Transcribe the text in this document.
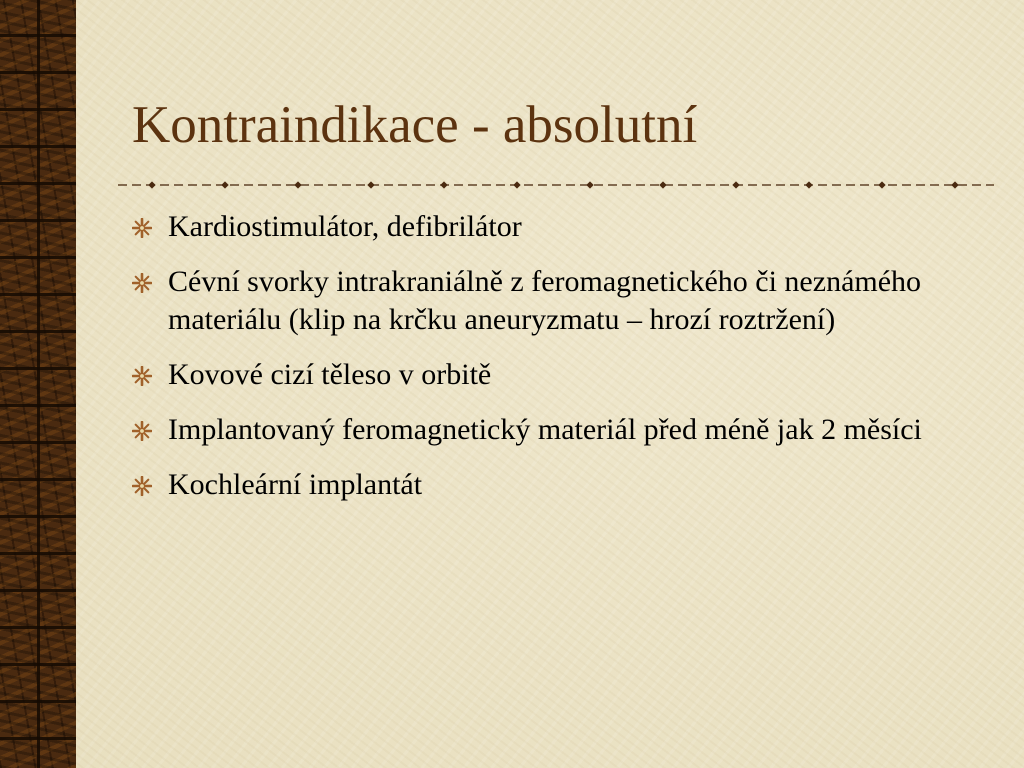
Kontraindikace - absolutní
Kardiostimulátor, defibrilátor
Cévní svorky intrakraniálně z feromagnetického či neznámého materiálu (klip na krčku aneuryzmatu – hrozí roztržení)
Kovové cizí těleso v orbitě
Implantovaný feromagnetický materiál před méně jak 2 měsíci
Kochleární implantát
